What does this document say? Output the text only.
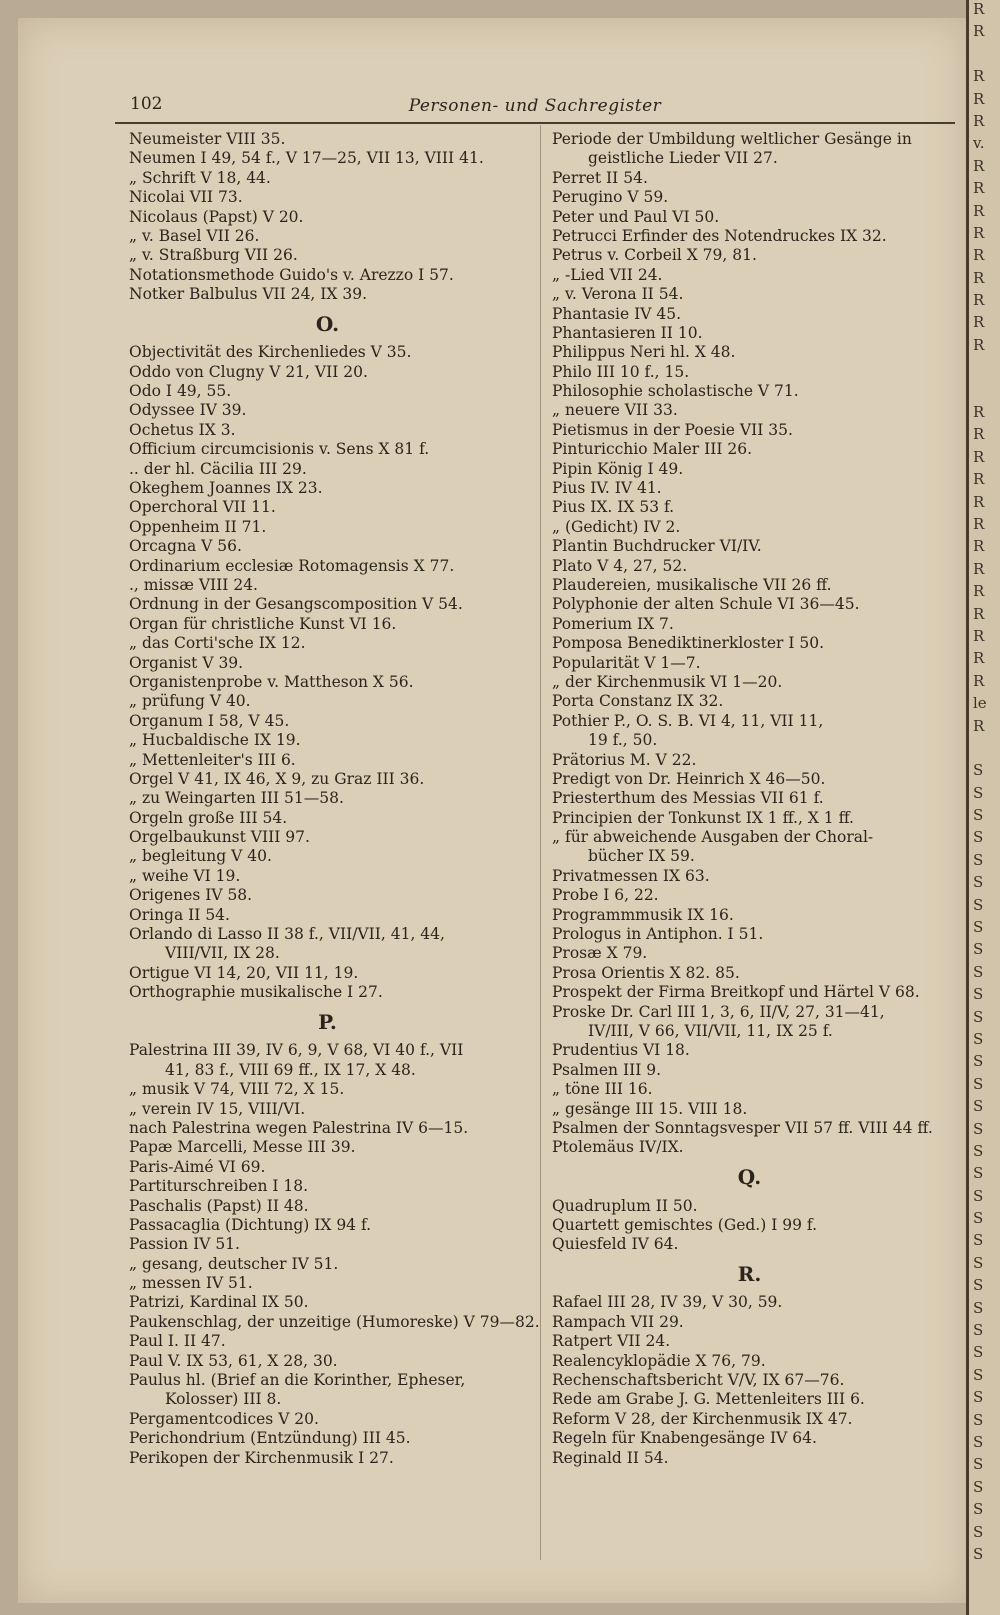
R
R
R
R
R
v.
R
R
R
R
R
R
R
R
R
R
R
R
R
R
R
R
R
R
R
R
R
R
le
R
S
S
S
S
S
S
S
S
S
S
S
S
S
S
S
S
S
S
S
S
S
S
S
S
S
S
S
S
S
S
S
S
S
S
S
S
102	Personen- und Sachregister
Neumeister VIII 35.
Neumen I 49, 54 f., V 17—25, VII 13, VIII 41.
„ Schrift V 18, 44.
Nicolai VII 73.
Nicolaus (Papst) V 20.
„ v. Basel VII 26.
„ v. Straßburg VII 26.
Notationsmethode Guido's v. Arezzo I 57.
Notker Balbulus VII 24, IX 39.
O.
Objectivität des Kirchenliedes V 35.
Oddo von Clugny V 21, VII 20.
Odo I 49, 55.
Odyssee IV 39.
Ochetus IX 3.
Officium circumcisionis v. Sens X 81 f.
.. der hl. Cäcilia III 29.
Okeghem Joannes IX 23.
Operchoral VII 11.
Oppenheim II 71.
Orcagna V 56.
Ordinarium ecclesiæ Rotomagensis X 77.
., missæ VIII 24.
Ordnung in der Gesangscomposition V 54.
Organ für christliche Kunst VI 16.
„ das Corti'sche IX 12.
Organist V 39.
Organistenprobe v. Mattheson X 56.
„ prüfung V 40.
Organum I 58, V 45.
„ Hucbaldische IX 19.
„ Mettenleiter's III 6.
Orgel V 41, IX 46, X 9, zu Graz III 36.
„ zu Weingarten III 51—58.
Orgeln große III 54.
Orgelbaukunst VIII 97.
„ begleitung V 40.
„ weihe VI 19.
Origenes IV 58.
Oringa II 54.
Orlando di Lasso II 38 f., VII/VII, 41, 44,
VIII/VII, IX 28.
Ortigue VI 14, 20, VII 11, 19.
Orthographie musikalische I 27.
P.
Palestrina III 39, IV 6, 9, V 68, VI 40 f., VII
41, 83 f., VIII 69 ff., IX 17, X 48.
„ musik V 74, VIII 72, X 15.
„ verein IV 15, VIII/VI.
nach Palestrina wegen Palestrina IV 6—15.
Papæ Marcelli, Messe III 39.
Paris-Aimé VI 69.
Partiturschreiben I 18.
Paschalis (Papst) II 48.
Passacaglia (Dichtung) IX 94 f.
Passion IV 51.
„ gesang, deutscher IV 51.
„ messen IV 51.
Patrizi, Kardinal IX 50.
Paukenschlag, der unzeitige (Humoreske) V 79—82.
Paul I. II 47.
Paul V. IX 53, 61, X 28, 30.
Paulus hl. (Brief an die Korinther, Epheser,
Kolosser) III 8.
Pergamentcodices V 20.
Perichondrium (Entzündung) III 45.
Perikopen der Kirchenmusik I 27.
Periode der Umbildung weltlicher Gesänge in
geistliche Lieder VII 27.
Perret II 54.
Perugino V 59.
Peter und Paul VI 50.
Petrucci Erfinder des Notendruckes IX 32.
Petrus v. Corbeil X 79, 81.
„ -Lied VII 24.
„ v. Verona II 54.
Phantasie IV 45.
Phantasieren II 10.
Philippus Neri hl. X 48.
Philo III 10 f., 15.
Philosophie scholastische V 71.
„ neuere VII 33.
Pietismus in der Poesie VII 35.
Pinturicchio Maler III 26.
Pipin König I 49.
Pius IV. IV 41.
Pius IX. IX 53 f.
„ (Gedicht) IV 2.
Plantin Buchdrucker VI/IV.
Plato V 4, 27, 52.
Plaudereien, musikalische VII 26 ff.
Polyphonie der alten Schule VI 36—45.
Pomerium IX 7.
Pomposa Benediktinerkloster I 50.
Popularität V 1—7.
„ der Kirchenmusik VI 1—20.
Porta Constanz IX 32.
Pothier P., O. S. B. VI 4, 11, VII 11,
19 f., 50.
Prätorius M. V 22.
Predigt von Dr. Heinrich X 46—50.
Priesterthum des Messias VII 61 f.
Principien der Tonkunst IX 1 ff., X 1 ff.
„ für abweichende Ausgaben der Choral-
bücher IX 59.
Privatmessen IX 63.
Probe I 6, 22.
Programmmusik IX 16.
Prologus in Antiphon. I 51.
Prosæ X 79.
Prosa Orientis X 82. 85.
Prospekt der Firma Breitkopf und Härtel V 68.
Proske Dr. Carl III 1, 3, 6, II/V, 27, 31—41,
IV/III, V 66, VII/VII, 11, IX 25 f.
Prudentius VI 18.
Psalmen III 9.
„ töne III 16.
„ gesänge III 15. VIII 18.
Psalmen der Sonntagsvesper VII 57 ff. VIII 44 ff.
Ptolemäus IV/IX.
Q.
Quadruplum II 50.
Quartett gemischtes (Ged.) I 99 f.
Quiesfeld IV 64.
R.
Rafael III 28, IV 39, V 30, 59.
Rampach VII 29.
Ratpert VII 24.
Realencyklopädie X 76, 79.
Rechenschaftsbericht V/V, IX 67—76.
Rede am Grabe J. G. Mettenleiters III 6.
Reform V 28, der Kirchenmusik IX 47.
Regeln für Knabengesänge IV 64.
Reginald II 54.
